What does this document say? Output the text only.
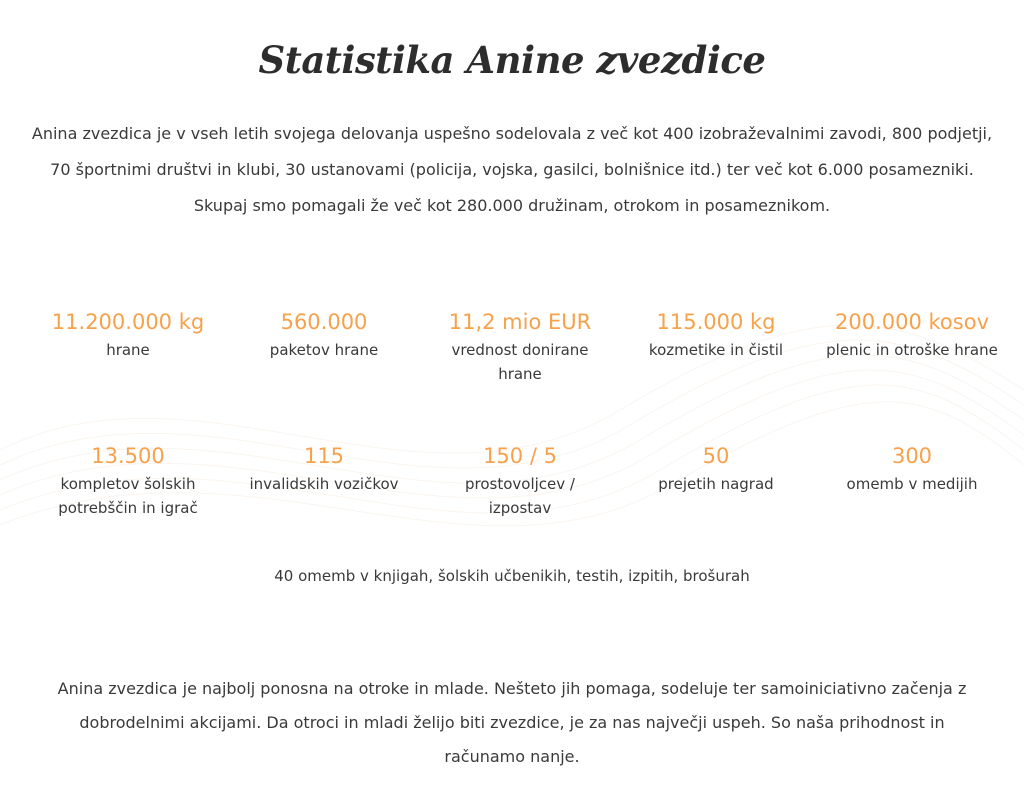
Statistika Anine zvezdice

Anina zvezdica je v vseh letih svojega delovanja uspešno sodelovala z več kot 400 izobraževalnimi zavodi, 800 podjetji, 70 športnimi društvi in klubi, 30 ustanovami (policija, vojska, gasilci, bolnišnice itd.) ter več kot 6.000 posamezniki. Skupaj smo pomagali že več kot 280.000 družinam, otrokom in posameznikom.

11.200.000 kg
hrane
560.000
paketov hrane
11,2 mio EUR
vrednost donirane hrane
115.000 kg
kozmetike in čistil
200.000 kosov
plenic in otroške hrane
13.500
kompletov šolskih potrebščin in igrač
115
invalidskih vozičkov
150 / 5
prostovoljcev / izpostav
50
prejetih nagrad
300
omemb v medijih

40 omemb v knjigah, šolskih učbenikih, testih, izpitih, brošurah

Anina zvezdica je najbolj ponosna na otroke in mlade. Nešteto jih pomaga, sodeluje ter samoiniciativno začenja z dobrodelnimi akcijami. Da otroci in mladi želijo biti zvezdice, je za nas največji uspeh. So naša prihodnost in računamo nanje.
